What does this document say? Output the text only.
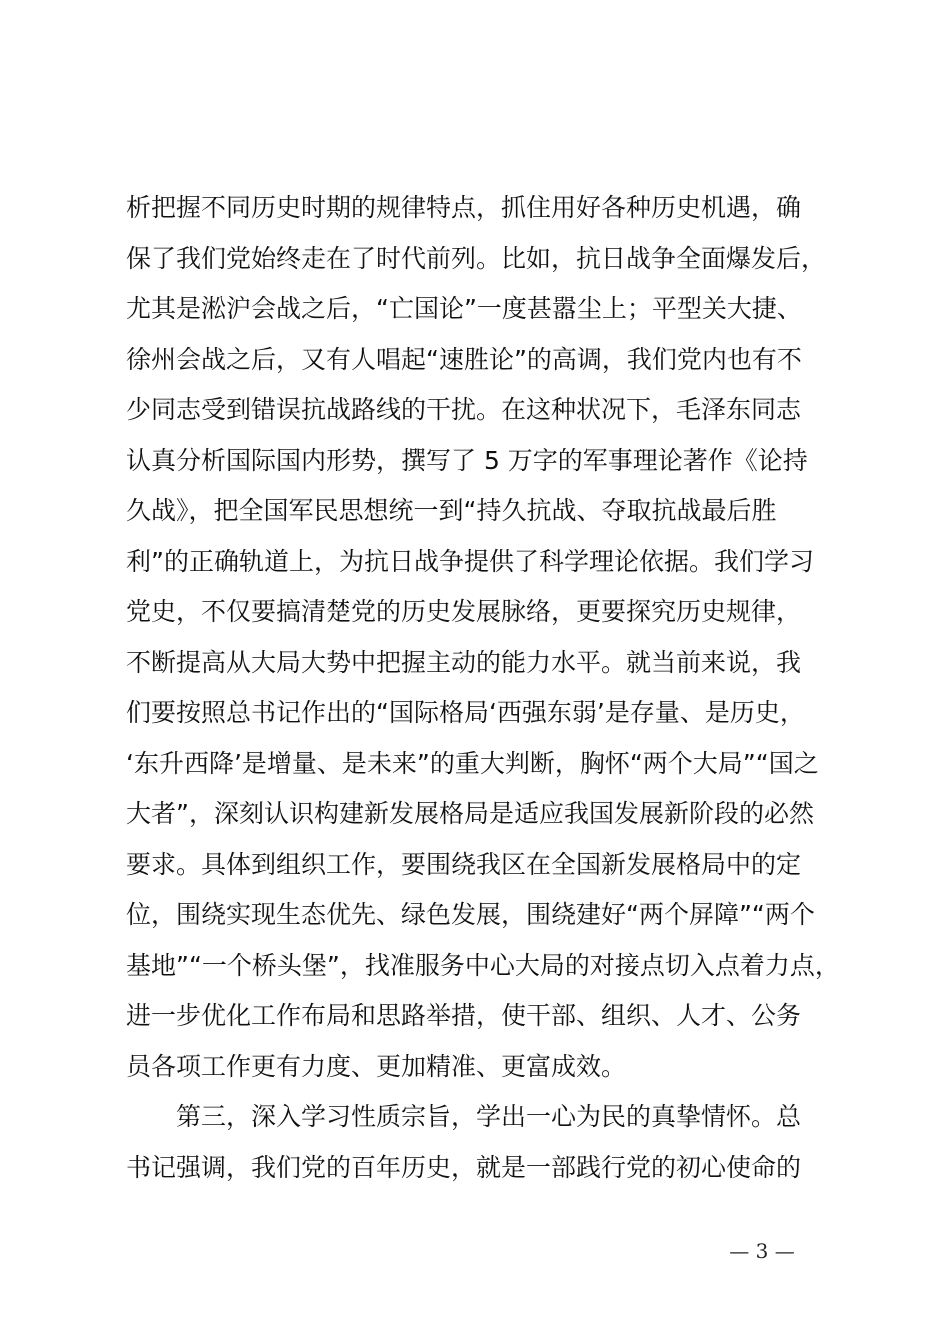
析把握不同历史时期的规律特点，抓住用好各种历史机遇，确
保了我们党始终走在了时代前列。比如，抗日战争全面爆发后，
尤其是淞沪会战之后，“亡国论”一度甚嚣尘上；平型关大捷、
徐州会战之后，又有人唱起“速胜论”的高调，我们党内也有不
少同志受到错误抗战路线的干扰。在这种状况下，毛泽东同志
认真分析国际国内形势，撰写了 5 万字的军事理论著作《论持
久战》，把全国军民思想统一到“持久抗战、夺取抗战最后胜
利”的正确轨道上，为抗日战争提供了科学理论依据。我们学习
党史，不仅要搞清楚党的历史发展脉络，更要探究历史规律，
不断提高从大局大势中把握主动的能力水平。就当前来说，我
们要按照总书记作出的“国际格局‘西强东弱’是存量、是历史，
‘东升西降’是增量、是未来”的重大判断，胸怀“两个大局”“国之
大者”，深刻认识构建新发展格局是适应我国发展新阶段的必然
要求。具体到组织工作，要围绕我区在全国新发展格局中的定
位，围绕实现生态优先、绿色发展，围绕建好“两个屏障”“两个
基地”“一个桥头堡”，找准服务中心大局的对接点切入点着力点，
进一步优化工作布局和思路举措，使干部、组织、人才、公务
员各项工作更有力度、更加精准、更富成效。
第三，深入学习性质宗旨，学出一心为民的真挚情怀。总
书记强调，我们党的百年历史，就是一部践行党的初心使命的
— 3 —
